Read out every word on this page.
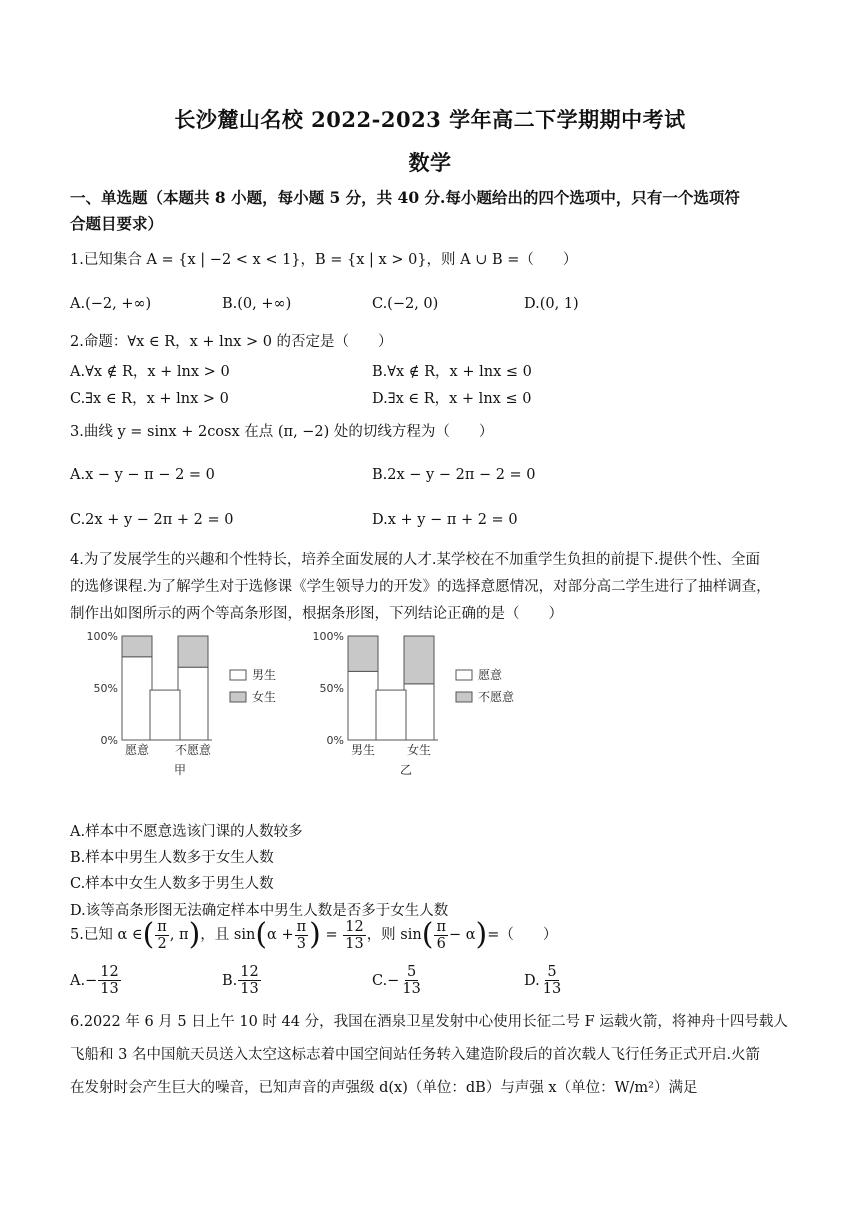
长沙麓山名校 2022-2023 学年高二下学期期中考试
数学
一、单选题（本题共 8 小题，每小题 5 分，共 40 分.每小题给出的四个选项中，只有一个选项符
合题目要求）
1.已知集合 A = {x | −2 < x < 1}，B = {x | x > 0}，则 A ∪ B =（　　）
A.(−2, +∞)	B.(0, +∞)	C.(−2, 0)	D.(0, 1)
2.命题：∀x ∈ R，x + lnx > 0 的否定是（　　）
A.∀x ∉ R，x + lnx > 0	B.∀x ∉ R，x + lnx ≤ 0
C.∃x ∈ R，x + lnx > 0	D.∃x ∈ R，x + lnx ≤ 0
3.曲线 y = sinx + 2cosx 在点 (π, −2) 处的切线方程为（　　）
A.x − y − π − 2 = 0	B.2x − y − 2π − 2 = 0
C.2x + y − 2π + 2 = 0	D.x + y − π + 2 = 0
4.为了发展学生的兴趣和个性特长，培养全面发展的人才.某学校在不加重学生负担的前提下.提供个性、全面
的选修课程.为了解学生对于选修课《学生领导力的开发》的选择意愿情况，对部分高二学生进行了抽样调查，
制作出如图所示的两个等高条形图，根据条形图，下列结论正确的是（　　）
0%
50%
100%
愿意 不愿意
男生
女生
甲
0%
50%
100%
男生	女生
愿意
不愿意
乙
A.样本中不愿意选该门课的人数较多
B.样本中男生人数多于女生人数
C.样本中女生人数多于男生人数
D.该等高条形图无法确定样本中男生人数是否多于女生人数
5.已知 α ∈ ( $\frac{\pi}{2}$ , π ) ，且 sin ( $\alpha + \frac{\pi}{3}$ ) = $\frac{12}{13}$ ，则 sin ( $\frac{\pi}{6} - \alpha$ ) =（　　）
$A.- \frac{12}{13}$	B. $\frac{12}{13}$	$C.- \frac{5}{13}$	D. $\frac{5}{13}$
6.2022 年 6 月 5 日上午 10 时 44 分，我国在酒泉卫星发射中心使用长征二号 F 运载火箭，将神舟十四号载人
飞船和 3 名中国航天员送入太空这标志着中国空间站任务转入建造阶段后的首次载人飞行任务正式开启.火箭
在发射时会产生巨大的噪音，已知声音的声强级 d(x)（单位：dB）与声强 x（单位：W/m²）满足
